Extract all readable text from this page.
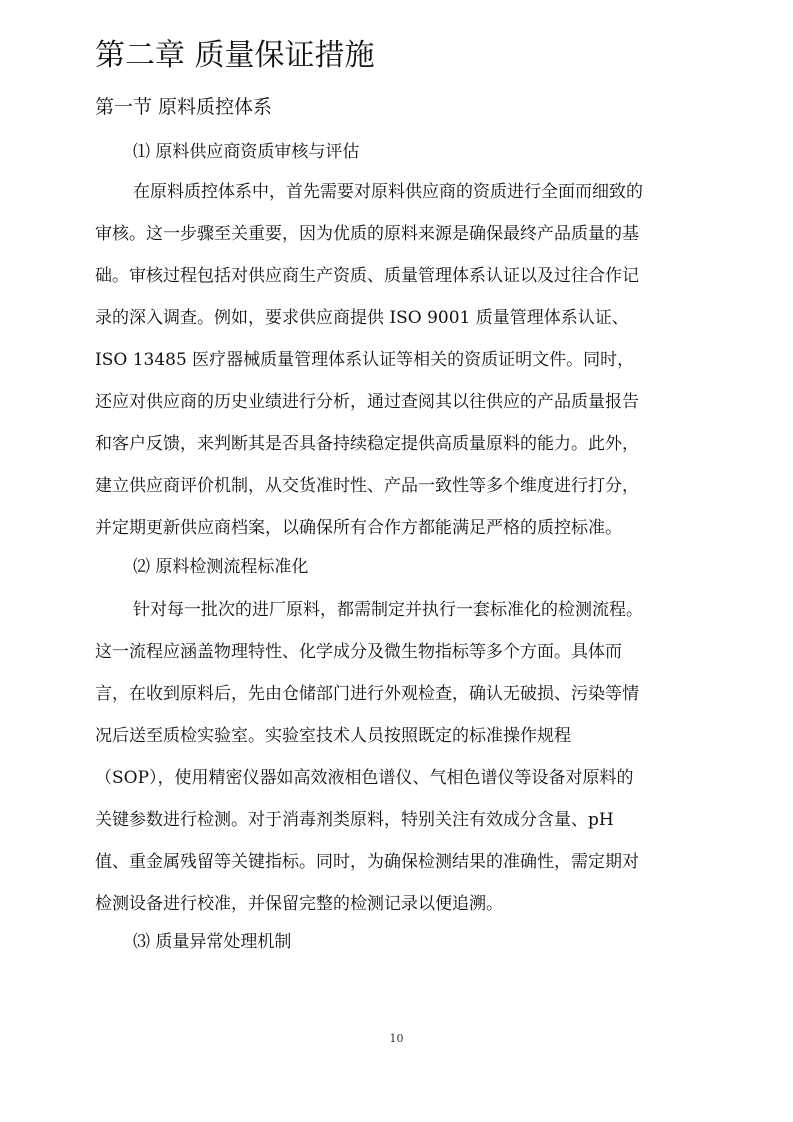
第二章 质量保证措施
第一节 原料质控体系
⑴ 原料供应商资质审核与评估
在原料质控体系中，首先需要对原料供应商的资质进行全面而细致的
审核。这一步骤至关重要，因为优质的原料来源是确保最终产品质量的基
础。审核过程包括对供应商生产资质、质量管理体系认证以及过往合作记
录的深入调查。例如，要求供应商提供 ISO 9001 质量管理体系认证、
ISO 13485 医疗器械质量管理体系认证等相关的资质证明文件。同时，
还应对供应商的历史业绩进行分析，通过查阅其以往供应的产品质量报告
和客户反馈，来判断其是否具备持续稳定提供高质量原料的能力。此外，
建立供应商评价机制，从交货准时性、产品一致性等多个维度进行打分，
并定期更新供应商档案，以确保所有合作方都能满足严格的质控标准。
⑵ 原料检测流程标准化
针对每一批次的进厂原料，都需制定并执行一套标准化的检测流程。
这一流程应涵盖物理特性、化学成分及微生物指标等多个方面。具体而
言，在收到原料后，先由仓储部门进行外观检查，确认无破损、污染等情
况后送至质检实验室。实验室技术人员按照既定的标准操作规程
（SOP），使用精密仪器如高效液相色谱仪、气相色谱仪等设备对原料的
关键参数进行检测。对于消毒剂类原料，特别关注有效成分含量、pH
值、重金属残留等关键指标。同时，为确保检测结果的准确性，需定期对
检测设备进行校准，并保留完整的检测记录以便追溯。
⑶ 质量异常处理机制
10
